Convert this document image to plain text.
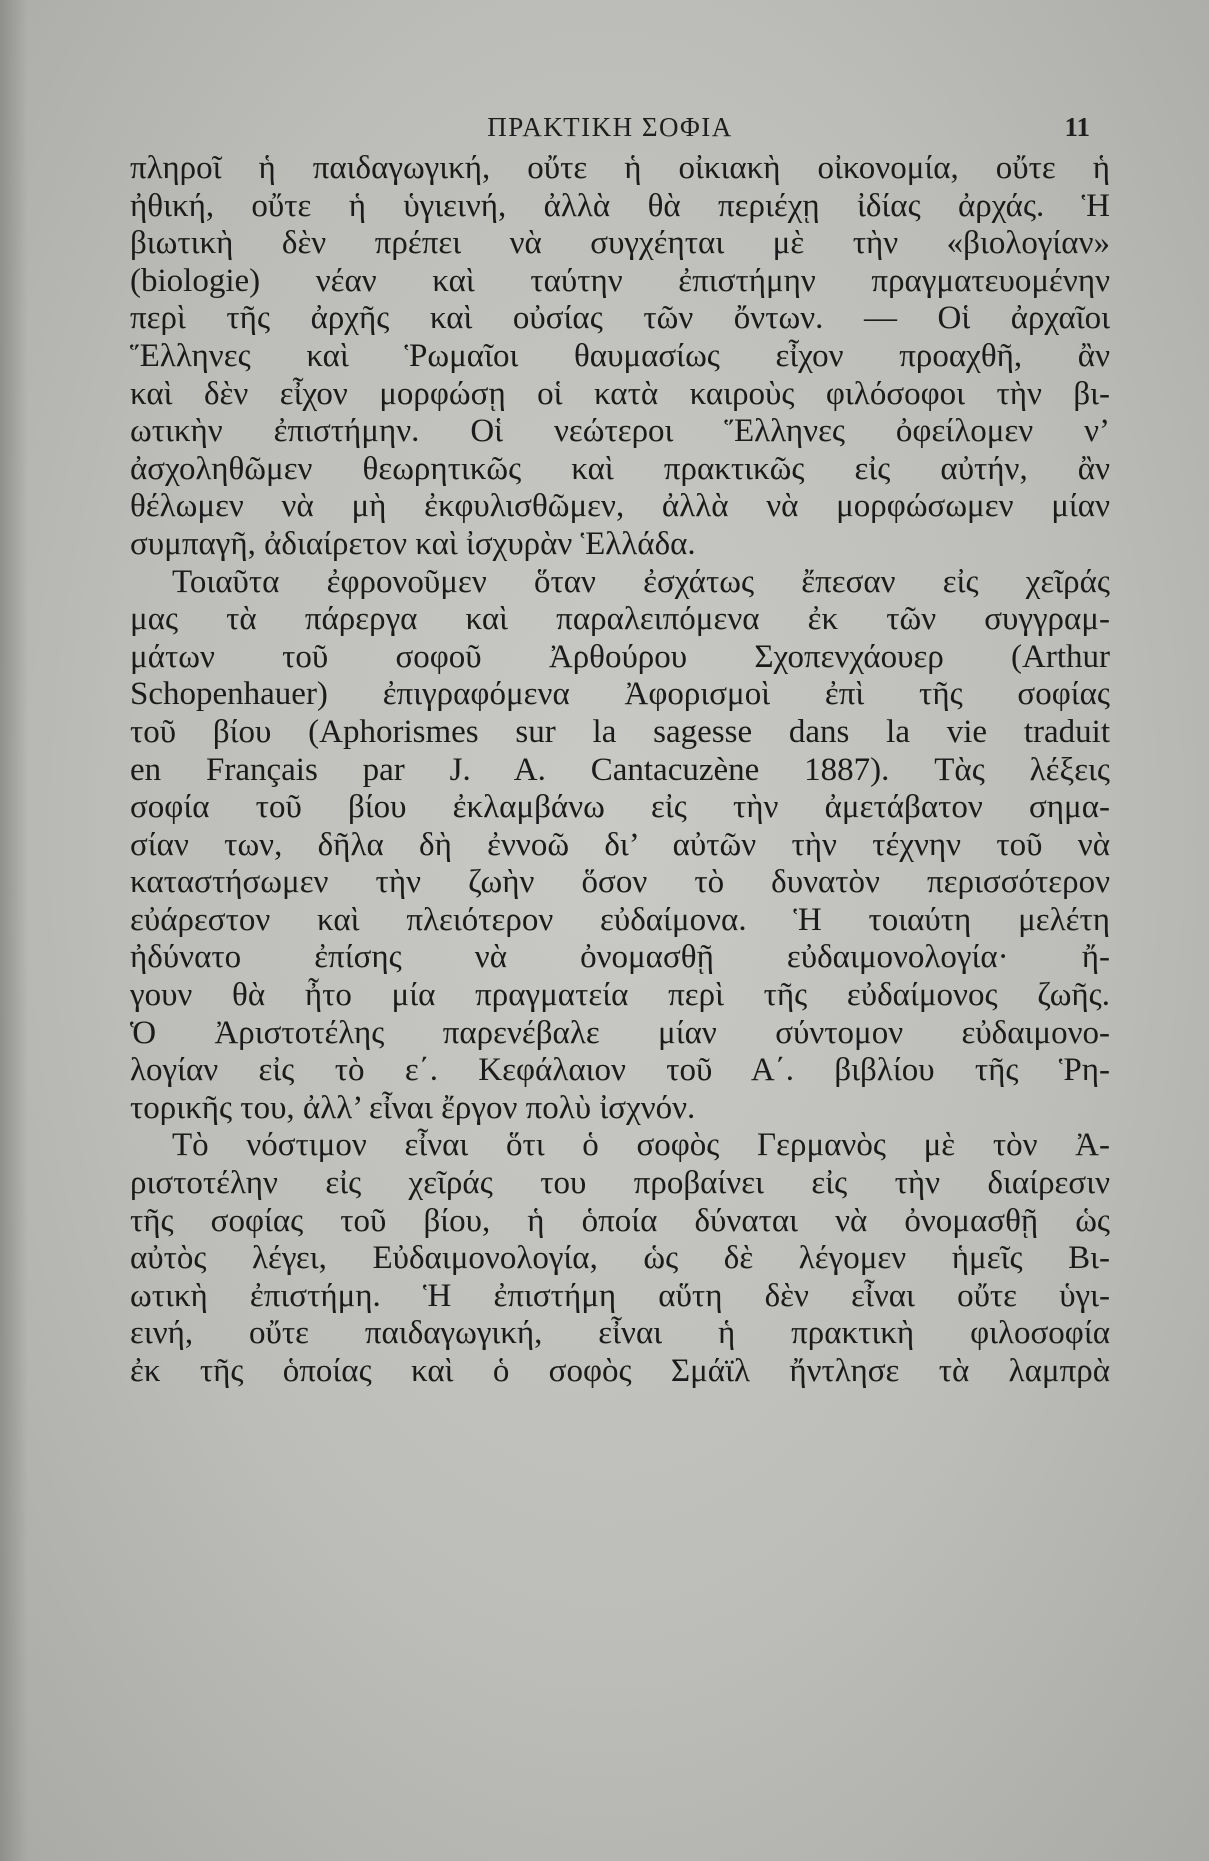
ΠΡΑΚΤΙΚΗ ΣΟΦΙΑ	11
πληροῖ ἡ παιδαγωγική, οὔτε ἡ οἰκιακὴ οἰκονομία, οὔτε ἡ
ἠθική, οὔτε ἡ ὑγιεινή, ἀλλὰ θὰ περιέχῃ ἰδίας ἀρχάς. Ἡ
βιωτικὴ δὲν πρέπει νὰ συγχέηται μὲ τὴν «βιολογίαν»
(biologie) νέαν καὶ ταύτην ἐπιστήμην πραγματευομένην
περὶ τῆς ἀρχῆς καὶ οὐσίας τῶν ὄντων. — Οἱ ἀρχαῖοι
Ἕλληνες καὶ Ῥωμαῖοι θαυμασίως εἶχον προαχθῆ, ἂν
καὶ δὲν εἶχον μορφώσῃ οἱ κατὰ καιροὺς φιλόσοφοι τὴν βι-
ωτικὴν ἐπιστήμην. Οἱ νεώτεροι Ἕλληνες ὀφείλομεν ν’
ἀσχοληθῶμεν θεωρητικῶς καὶ πρακτικῶς εἰς αὐτήν, ἂν
θέλωμεν νὰ μὴ ἐκφυλισθῶμεν, ἀλλὰ νὰ μορφώσωμεν μίαν
συμπαγῆ, ἀδιαίρετον καὶ ἰσχυρὰν Ἑλλάδα.
Τοιαῦτα ἐφρονοῦμεν ὅταν ἐσχάτως ἔπεσαν εἰς χεῖράς
μας τὰ πάρεργα καὶ παραλειπόμενα ἐκ τῶν συγγραμ-
μάτων τοῦ σοφοῦ Ἀρθούρου Σχοπενχάουερ (Arthur
Schopenhauer) ἐπιγραφόμενα Ἀφορισμοὶ ἐπὶ τῆς σοφίας
τοῦ βίου (Aphorismes sur la sagesse dans la vie traduit
en Français par J. A. Cantacuzène 1887). Τὰς λέξεις
σοφία τοῦ βίου ἐκλαμβάνω εἰς τὴν ἀμετάβατον σημα-
σίαν των, δῆλα δὴ ἐννοῶ δι’ αὐτῶν τὴν τέχνην τοῦ νὰ
καταστήσωμεν τὴν ζωὴν ὅσον τὸ δυνατὸν περισσότερον
εὐάρεστον καὶ πλειότερον εὐδαίμονα. Ἡ τοιαύτη μελέτη
ἠδύνατο ἐπίσης νὰ ὀνομασθῇ εὐδαιμονολογία· ἤ-
γουν θὰ ἦτο μία πραγματεία περὶ τῆς εὐδαίμονος ζωῆς.
Ὁ Ἀριστοτέλης παρενέβαλε μίαν σύντομον εὐδαιμονο-
λογίαν εἰς τὸ ε΄. Κεφάλαιον τοῦ Α΄. βιβλίου τῆς Ῥη-
τορικῆς του, ἀλλ’ εἶναι ἔργον πολὺ ἰσχνόν.
Τὸ νόστιμον εἶναι ὅτι ὁ σοφὸς Γερμανὸς μὲ τὸν Ἀ-
ριστοτέλην εἰς χεῖράς του προβαίνει εἰς τὴν διαίρεσιν
τῆς σοφίας τοῦ βίου, ἡ ὁποία δύναται νὰ ὀνομασθῇ ὡς
αὐτὸς λέγει, Εὐδαιμονολογία, ὡς δὲ λέγομεν ἡμεῖς Βι-
ωτικὴ ἐπιστήμη. Ἡ ἐπιστήμη αὕτη δὲν εἶναι οὔτε ὑγι-
εινή, οὔτε παιδαγωγική, εἶναι ἡ πρακτικὴ φιλοσοφία
ἐκ τῆς ὁποίας καὶ ὁ σοφὸς Σμάϊλ ἤντλησε τὰ λαμπρὰ
